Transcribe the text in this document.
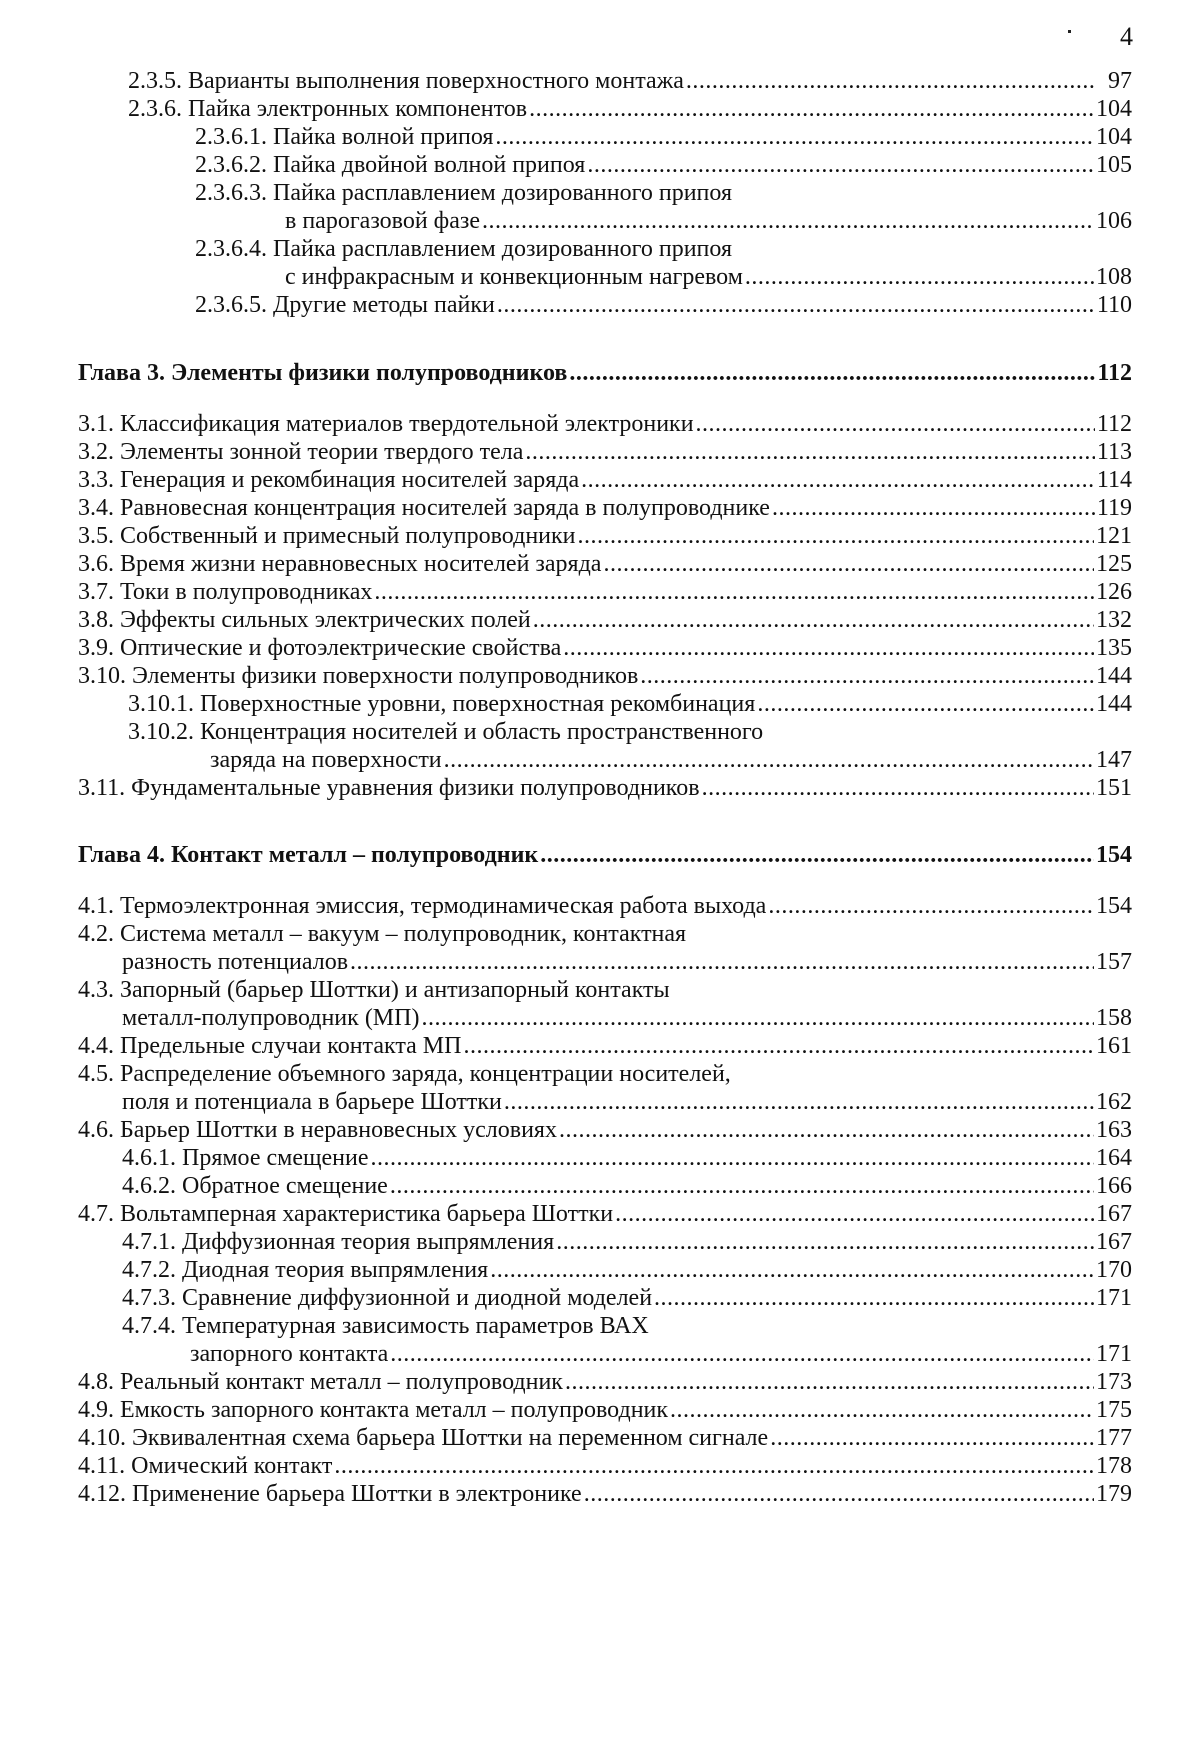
4
2.3.5. Варианты выполнения поверхностного монтажа .....	97
2.3.6. Пайка электронных компонентов .....	104
2.3.6.1. Пайка волной припоя .....	104
2.3.6.2. Пайка двойной волной припоя .....	105
2.3.6.3. Пайка расплавлением дозированного припоя
в парогазовой фазе .....	106
2.3.6.4. Пайка расплавлением дозированного припоя
с инфракрасным и конвекционным нагревом .....	108
2.3.6.5. Другие методы пайки .....	110
Глава 3. Элементы физики полупроводников .....	112
3.1. Классификация материалов твердотельной электроники .....	112
3.2. Элементы зонной теории твердого тела .....	113
3.3. Генерация и рекомбинация носителей заряда .....	114
3.4. Равновесная концентрация носителей заряда в полупроводнике .....	119
3.5. Собственный и примесный полупроводники .....	121
3.6. Время жизни неравновесных носителей заряда .....	125
3.7. Токи в полупроводниках .....	126
3.8. Эффекты сильных электрических полей .....	132
3.9. Оптические и фотоэлектрические свойства .....	135
3.10. Элементы физики поверхности полупроводников .....	144
3.10.1. Поверхностные уровни, поверхностная рекомбинация .....	144
3.10.2. Концентрация носителей и область пространственного
заряда на поверхности .....	147
3.11. Фундаментальные уравнения физики полупроводников .....	151
Глава 4. Контакт металл – полупроводник .....	154
4.1. Термоэлектронная эмиссия, термодинамическая работа выхода .....	154
4.2. Система металл – вакуум – полупроводник, контактная
разность потенциалов .....	157
4.3. Запорный (барьер Шоттки) и антизапорный контакты
металл-полупроводник (МП) .....	158
4.4. Предельные случаи контакта МП .....	161
4.5. Распределение объемного заряда, концентрации носителей,
поля и потенциала в барьере Шоттки .....	162
4.6. Барьер Шоттки в неравновесных условиях .....	163
4.6.1. Прямое смещение .....	164
4.6.2. Обратное смещение .....	166
4.7. Вольтамперная характеристика барьера Шоттки .....	167
4.7.1. Диффузионная теория выпрямления .....	167
4.7.2. Диодная теория выпрямления .....	170
4.7.3. Сравнение диффузионной и диодной моделей .....	171
4.7.4. Температурная зависимость параметров ВАХ
запорного контакта .....	171
4.8. Реальный контакт металл – полупроводник .....	173
4.9. Емкость запорного контакта металл – полупроводник .....	175
4.10. Эквивалентная схема барьера Шоттки на переменном сигнале .....	177
4.11. Омический контакт .....	178
4.12. Применение барьера Шоттки в электронике .....	179
